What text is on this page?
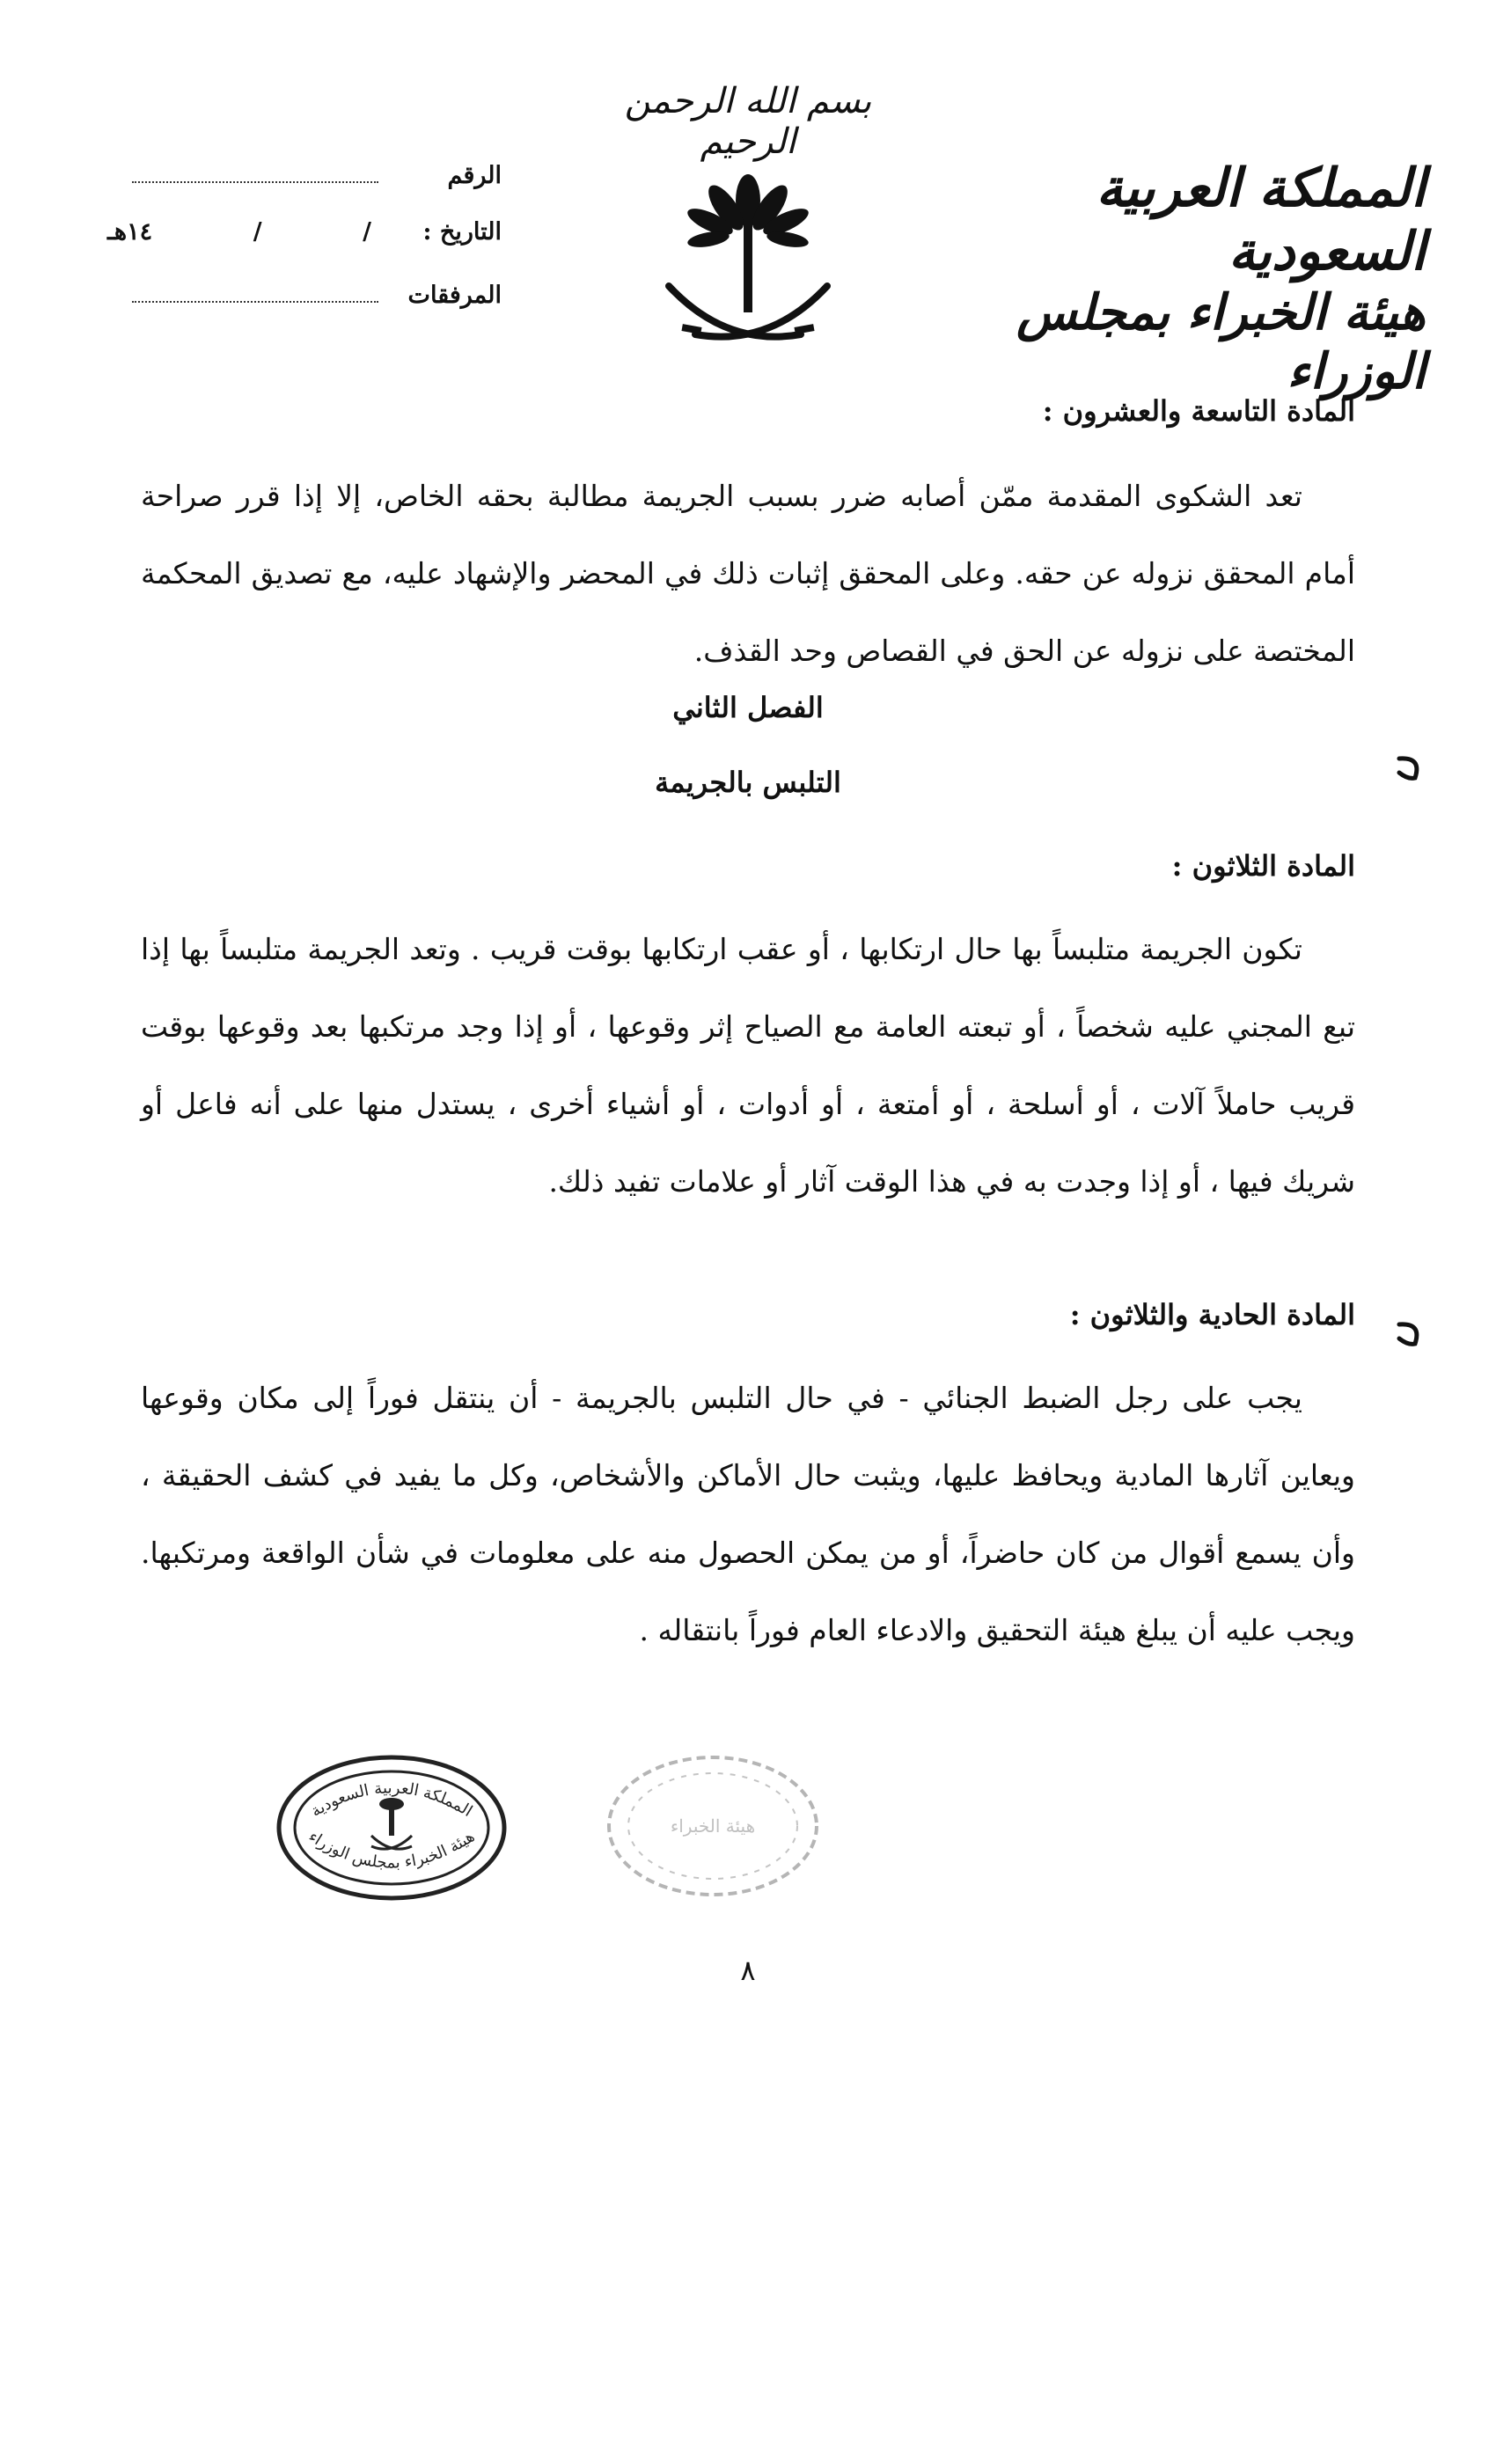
بسم الله الرحمن الرحيم
المملكة العربية السعودية
هيئة الخبراء بمجلس الوزراء
الرقم
التاريخ :
/
/
١٤هـ
المرفقات
المادة التاسعة والعشرون :
تعد الشكوى المقدمة ممّن أصابه ضرر بسبب الجريمة مطالبة بحقه الخاص، إلا إذا قرر صراحة أمام المحقق نزوله عن حقه. وعلى المحقق إثبات ذلك في المحضر والإشهاد عليه، مع تصديق المحكمة المختصة على نزوله عن الحق في القصاص وحد القذف.
الفصل الثاني
التلبس بالجريمة
المادة الثلاثون :
تكون الجريمة متلبساً بها حال ارتكابها ، أو عقب ارتكابها بوقت قريب . وتعد الجريمة متلبساً بها إذا تبع المجني عليه شخصاً ، أو تبعته العامة مع الصياح إثر وقوعها ، أو إذا وجد مرتكبها بعد وقوعها بوقت قريب حاملاً آلات ، أو أسلحة ، أو أمتعة ، أو أدوات ، أو أشياء أخرى ، يستدل منها على أنه فاعل أو شريك فيها ، أو إذا وجدت به في هذا الوقت آثار أو علامات تفيد ذلك.
المادة الحادية والثلاثون :
يجب على رجل الضبط الجنائي - في حال التلبس بالجريمة - أن ينتقل فوراً إلى مكان وقوعها ويعاين آثارها المادية ويحافظ عليها، ويثبت حال الأماكن والأشخاص، وكل ما يفيد في كشف الحقيقة ، وأن يسمع أقوال من كان حاضراً، أو من يمكن الحصول منه على معلومات في شأن الواقعة ومرتكبها. ويجب عليه أن يبلغ هيئة التحقيق والادعاء العام فوراً بانتقاله .
المملكة العربية السعودية
هيئة الخبراء بمجلس الوزراء
هيئة الخبراء
٨
